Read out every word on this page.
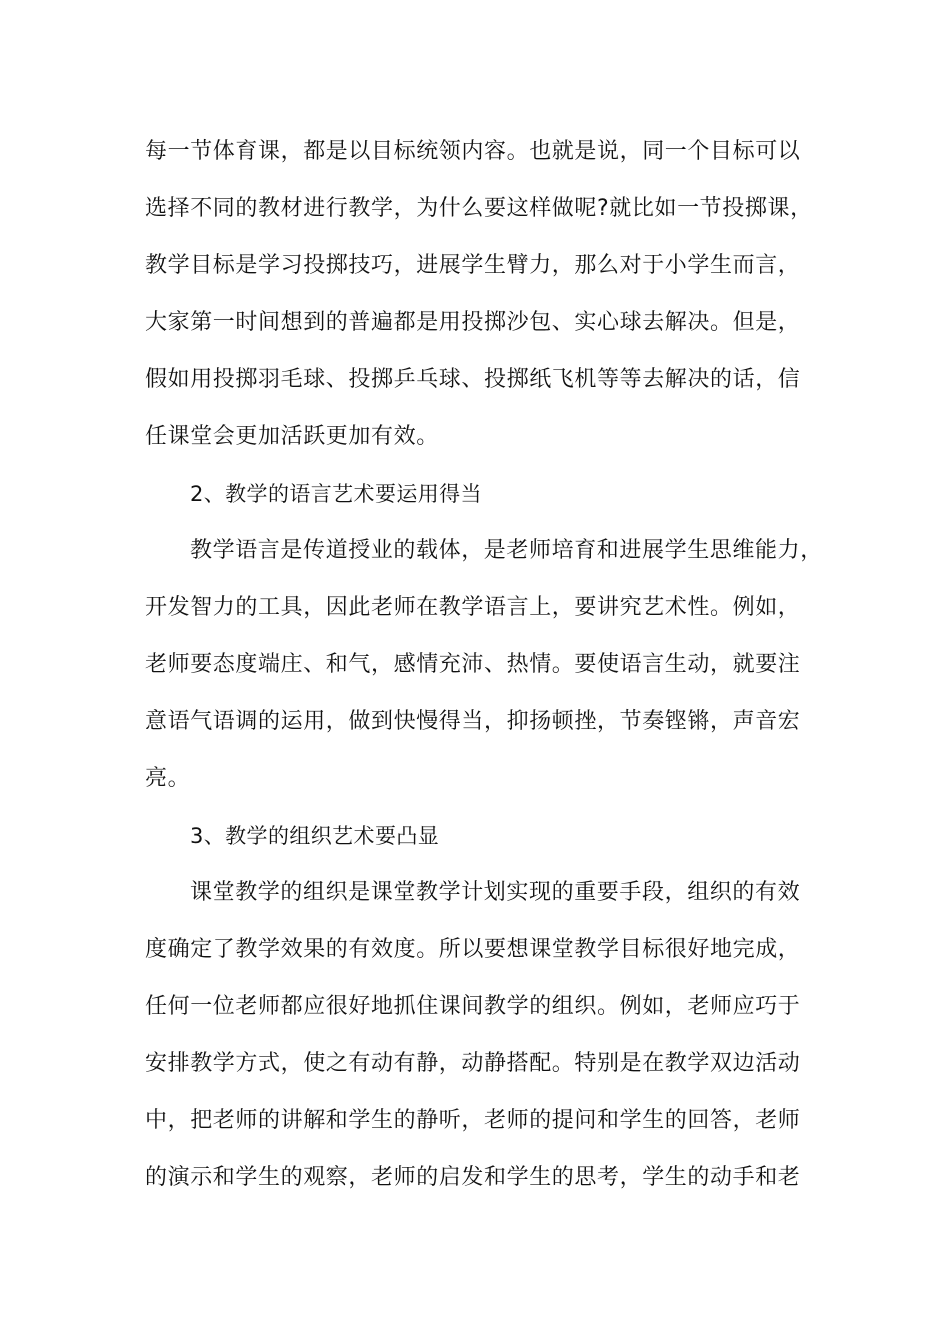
每一节体育课，都是以目标统领内容。也就是说，同一个目标可以
选择不同的教材进行教学，为什么要这样做呢?就比如一节投掷课，
教学目标是学习投掷技巧，进展学生臂力，那么对于小学生而言，
大家第一时间想到的普遍都是用投掷沙包、实心球去解决。但是，
假如用投掷羽毛球、投掷乒乓球、投掷纸飞机等等去解决的话，信
任课堂会更加活跃更加有效。
2、教学的语言艺术要运用得当
教学语言是传道授业的载体，是老师培育和进展学生思维能力，
开发智力的工具，因此老师在教学语言上，要讲究艺术性。例如，
老师要态度端庄、和气，感情充沛、热情。要使语言生动，就要注
意语气语调的运用，做到快慢得当，抑扬顿挫，节奏铿锵，声音宏
亮。
3、教学的组织艺术要凸显
课堂教学的组织是课堂教学计划实现的重要手段，组织的有效
度确定了教学效果的有效度。所以要想课堂教学目标很好地完成，
任何一位老师都应很好地抓住课间教学的组织。例如，老师应巧于
安排教学方式，使之有动有静，动静搭配。特别是在教学双边活动
中，把老师的讲解和学生的静听，老师的提问和学生的回答，老师
的演示和学生的观察，老师的启发和学生的思考，学生的动手和老
